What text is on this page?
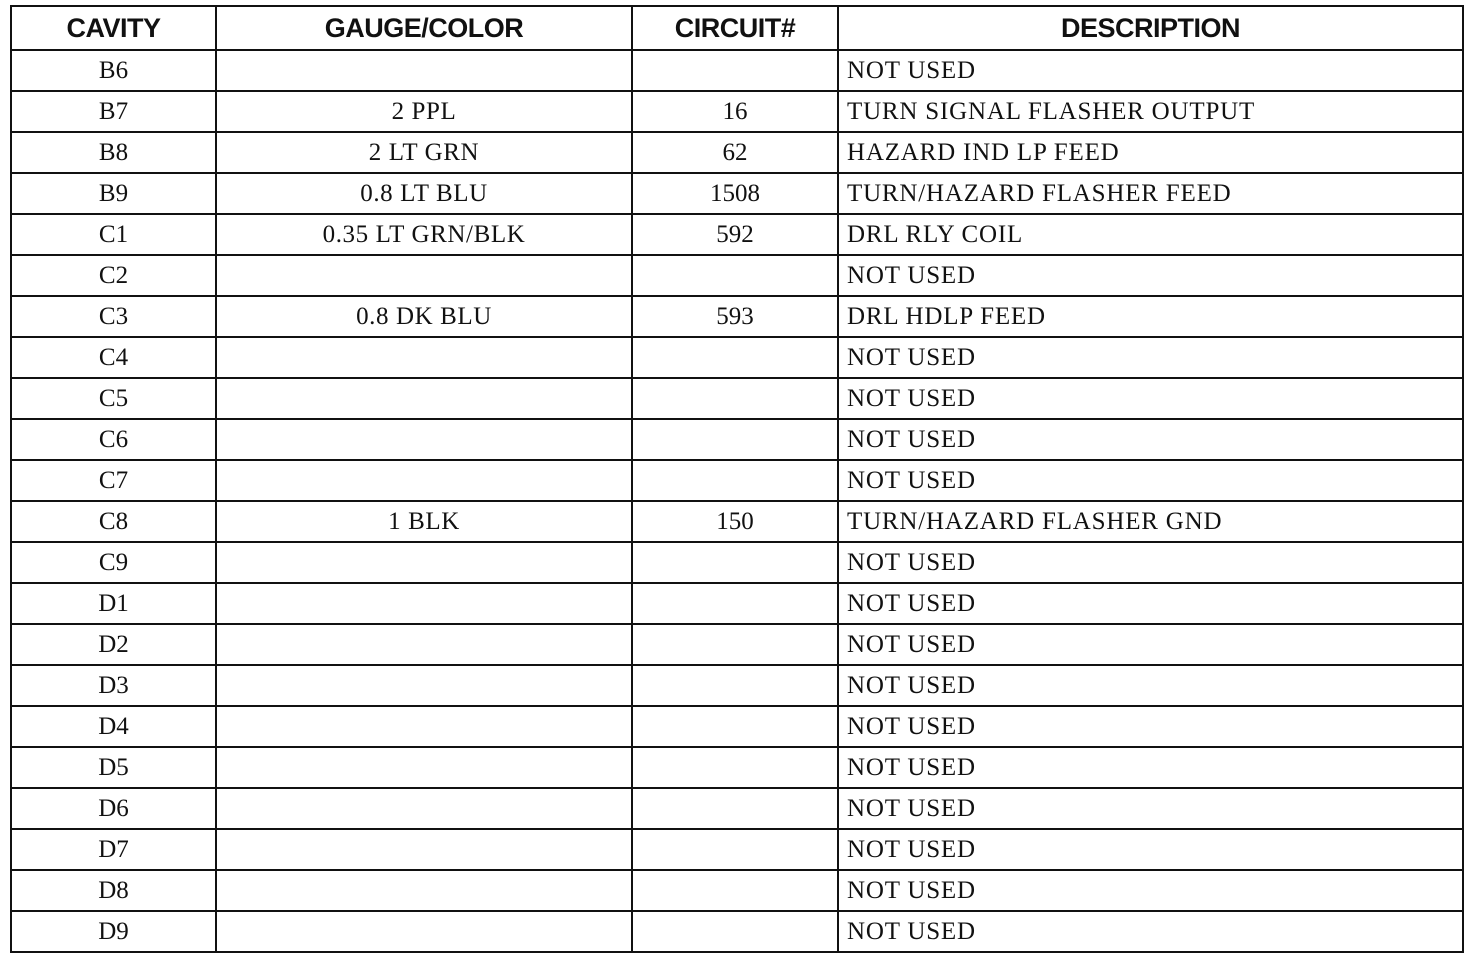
CAVITY	GAUGE/COLOR	CIRCUIT#	DESCRIPTION
B6			NOT USED
B7	2 PPL	16	TURN SIGNAL FLASHER OUTPUT
B8	2 LT GRN	62	HAZARD IND LP FEED
B9	0.8 LT BLU	1508	TURN/HAZARD FLASHER FEED
C1	0.35 LT GRN/BLK	592	DRL RLY COIL
C2			NOT USED
C3	0.8 DK BLU	593	DRL HDLP FEED
C4			NOT USED
C5			NOT USED
C6			NOT USED
C7			NOT USED
C8	1 BLK	150	TURN/HAZARD FLASHER GND
C9			NOT USED
D1			NOT USED
D2			NOT USED
D3			NOT USED
D4			NOT USED
D5			NOT USED
D6			NOT USED
D7			NOT USED
D8			NOT USED
D9			NOT USED
